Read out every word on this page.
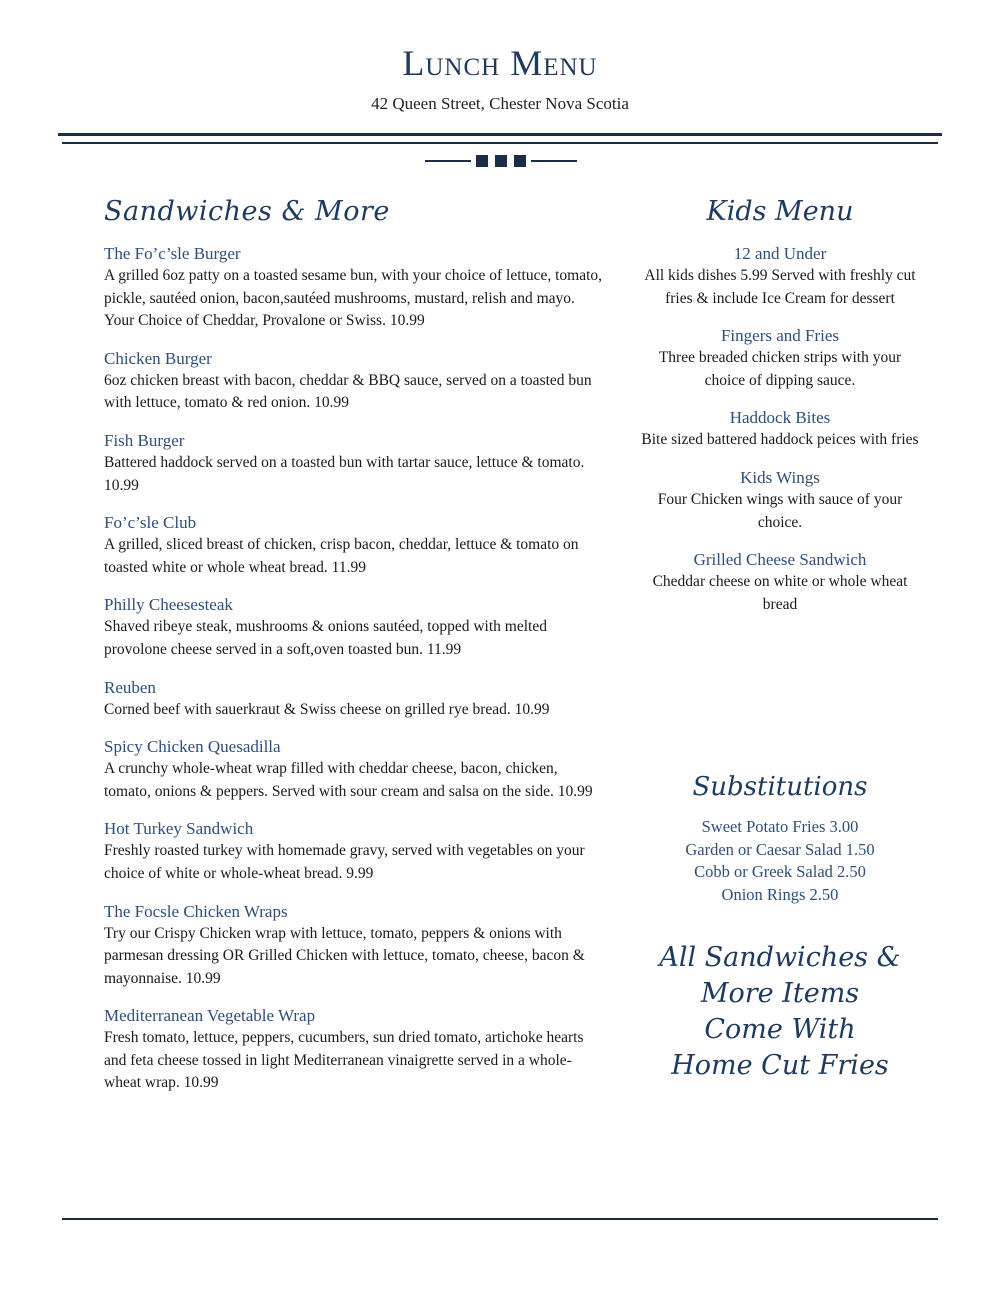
Lunch Menu
42 Queen Street, Chester Nova Scotia
Sandwiches & More
The Fo’c’sle Burger
A grilled 6oz patty on a toasted sesame bun, with your choice of lettuce, tomato, pickle, sautéed onion, bacon,sautéed mushrooms, mustard, relish and mayo. Your Choice of Cheddar, Provalone or Swiss. 10.99
Chicken Burger
6oz chicken breast with bacon, cheddar & BBQ sauce, served on a toasted bun with lettuce, tomato & red onion. 10.99
Fish Burger
Battered haddock served on a toasted bun with tartar sauce, lettuce & tomato. 10.99
Fo’c’sle Club
A grilled, sliced breast of chicken, crisp bacon, cheddar, lettuce & tomato on toasted white or whole wheat bread. 11.99
Philly Cheesesteak
Shaved ribeye steak, mushrooms & onions sautéed, topped with melted provolone cheese served in a soft,oven toasted bun. 11.99
Reuben
Corned beef with sauerkraut & Swiss cheese on grilled rye bread. 10.99
Spicy Chicken Quesadilla
A crunchy whole-wheat wrap filled with cheddar cheese, bacon, chicken, tomato, onions & peppers. Served with sour cream and salsa on the side. 10.99
Hot Turkey Sandwich
Freshly roasted turkey with homemade gravy, served with vegetables on your choice of white or whole-wheat bread. 9.99
The Focsle Chicken Wraps
Try our Crispy Chicken wrap with lettuce, tomato, peppers & onions with parmesan dressing OR Grilled Chicken with lettuce, tomato, cheese, bacon & mayonnaise. 10.99
Mediterranean Vegetable Wrap
Fresh tomato, lettuce, peppers, cucumbers, sun dried tomato, artichoke hearts and feta cheese tossed in light Mediterranean vinaigrette served in a whole-wheat wrap. 10.99
Kids Menu
12 and Under
All kids dishes 5.99 Served with freshly cut fries & include Ice Cream for dessert
Fingers and Fries
Three breaded chicken strips with your choice of dipping sauce.
Haddock Bites
Bite sized battered haddock peices with fries
Kids Wings
Four Chicken wings with sauce of your choice.
Grilled Cheese Sandwich
Cheddar cheese on white or whole wheat bread
Substitutions
Sweet Potato Fries 3.00
Garden or Caesar Salad 1.50
Cobb or Greek Salad 2.50
Onion Rings 2.50
All Sandwiches &
More Items
Come With
Home Cut Fries
